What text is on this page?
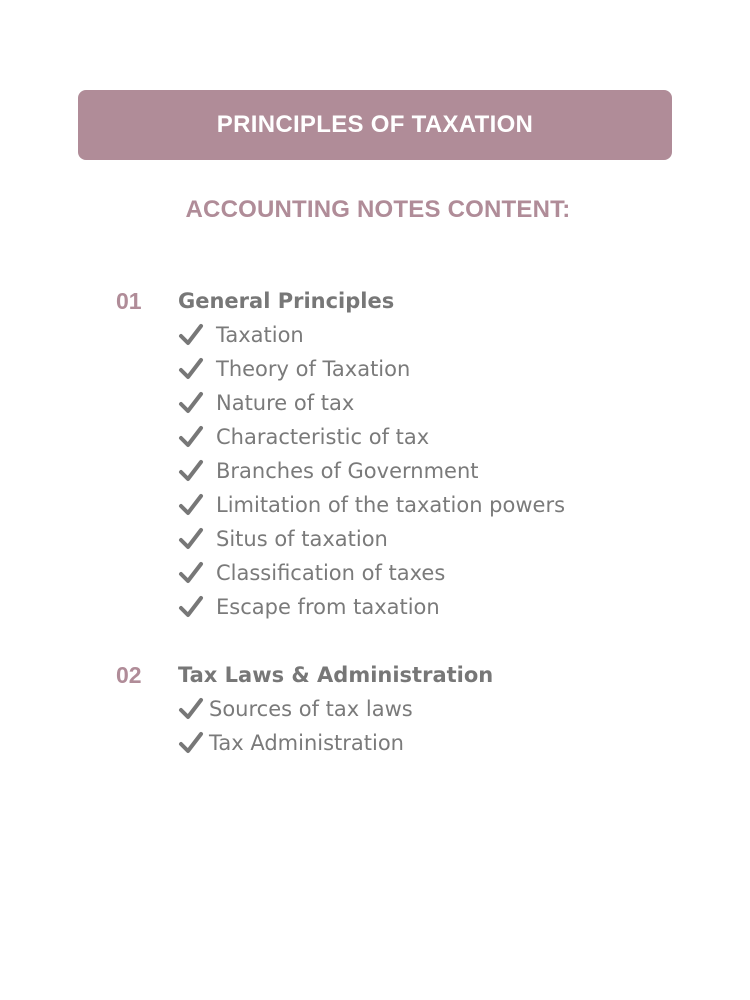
PRINCIPLES OF TAXATION
ACCOUNTING NOTES CONTENT:
01 General Principles
Taxation
Theory of Taxation
Nature of tax
Characteristic of tax
Branches of Government
Limitation of the taxation powers
Situs of taxation
Classification of taxes
Escape from taxation
02 Tax Laws & Administration
Sources of tax laws
Tax Administration
